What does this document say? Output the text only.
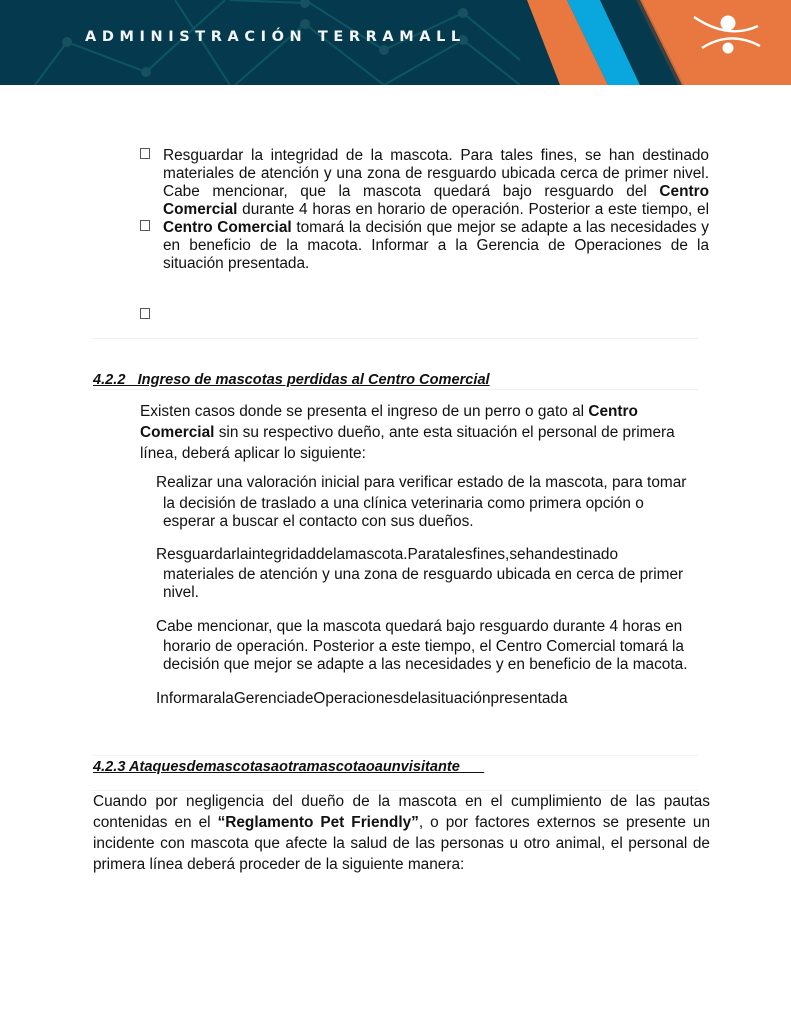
ADMINISTRACIÓN TERRAMALL
Resguardar la integridad de la mascota. Para tales fines, se han destinado
materiales de atención y una zona de resguardo ubicada cerca de primer nivel.
Cabe mencionar, que la mascota quedará bajo resguardo del Centro
Comercial durante 4 horas en horario de operación. Posterior a este tiempo, el
Centro Comercial tomará la decisión que mejor se adapte a las necesidades y
en beneficio de la macota. Informar a la Gerencia de Operaciones de la
situación presentada.
4.2.2   Ingreso de mascotas perdidas al Centro Comercial
Existen casos donde se presenta el ingreso de un perro o gato al Centro
Comercial sin su respectivo dueño, ante esta situación el personal de primera
línea, deberá aplicar lo siguiente:
Realizar una valoración inicial para verificar estado de la mascota, para tomar
la decisión de traslado a una clínica veterinaria como primera opción o
esperar a buscar el contacto con sus dueños.
Resguardarlaintegridaddelamascota.Paratalesfines,sehandestinado
materiales de atención y una zona de resguardo ubicada en cerca de primer
nivel.
Cabe mencionar, que la mascota quedará bajo resguardo durante 4 horas en
horario de operación. Posterior a este tiempo, el Centro Comercial tomará la
decisión que mejor se adapte a las necesidades y en beneficio de la macota.
InformaralaGerenciadeOperacionesdelasituaciónpresentada
4.2.3 Ataquesdemascotasaotramascotaoaunvisitante
Cuando por negligencia del dueño de la mascota en el cumplimiento de las pautas
contenidas en el “Reglamento Pet Friendly”, o por factores externos se presente un
incidente con mascota que afecte la salud de las personas u otro animal, el personal de
primera línea deberá proceder de la siguiente manera:
